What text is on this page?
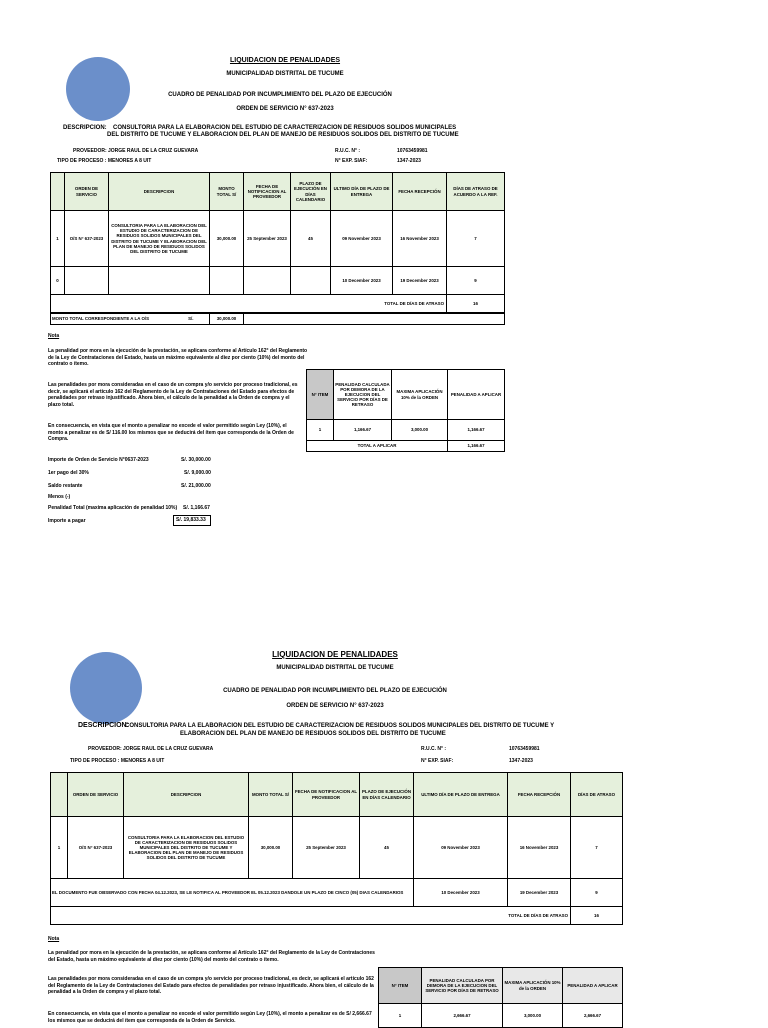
LIQUIDACION DE PENALIDADES
MUNICIPALIDAD DISTRITAL DE TUCUME
CUADRO DE PENALIDAD POR INCUMPLIMIENTO DEL PLAZO DE EJECUCIÓN
ORDEN DE SERVICIO N° 637-2023
DESCRIPCION: CONSULTORIA PARA LA ELABORACION DEL ESTUDIO DE CARACTERIZACION DE RESIDUOS SOLIDOS MUNICIPALES
DEL DISTRITO DE TUCUME Y ELABORACION DEL PLAN DE MANEJO DE RESIDUOS SOLIDOS DEL DISTRITO DE TUCUME
PROVEEDOR: JORGE RAUL DE LA CRUZ GUEVARA	R.U.C. N° :	10763459981
TIPO DE PROCESO : MENORES A 8 UIT	N° EXP. SIAF:	1347-2023
	ORDEN DE SERVICIO	DESCRIPCION	MONTO TOTAL S/	FECHA DE NOTIFICACION AL PROVEEDOR	PLAZO DE EJECUCIÓN EN DÍAS CALENDARIO	ULTIMO DÍA DE PLAZO DE ENTREGA	FECHA RECEPCIÓN	DÍAS DE ATRASO DE ACUERDO A LA REF.
1	O/S N° 637-2023	CONSULTORIA PARA LA ELABORACION DEL ESTUDIO DE CARACTERIZACION DE RESIDUOS SOLIDOS MUNICIPALES DEL DISTRITO DE TUCUME Y ELABORACION DEL PLAN DE MANEJO DE RESIDUOS SOLIDOS DEL DISTRITO DE TUCUME	30,000.00	25 September 2023	45	09 November 2023	16 November 2023	7
0						10 December 2023	19 December 2023	9
TOTAL DE DÍAS DE ATRASO								16
MONTO TOTAL CORRESPONDIENTE A LA O/S	S/.	30,000.00	
Nota
La penalidad por mora en la ejecución de la prestación, se aplicara conforme al Artículo 162° del Reglamento de la Ley de Contrataciones del Estado, hasta un máximo equivalente al diez por ciento (10%) del monto del contrato o ítemo.
Las penalidades por mora consideradas en el caso de un compra y/o servicio por proceso tradicional, es decir, se aplicará el artículo 162 del Reglamento de la Ley de Contrataciones del Estado para efectos de penalidades por retraso injustificado. Ahora bien, el cálculo de la penalidad a la Orden de compra y el plazo total.
En consecuencia, en vista que el monto a penalizar no excede el valor permitido según Ley (10%), el monto a penalizar es de S/ 116.00 los mismos que se deducirá del ítem que corresponda de la Orden de Compra.
N° ITEM	PENALIDAD CALCULADA POR DEMORA DE LA EJECUCION DEL SERVICIO POR DÍAS DE RETRASO	MAXIMA APLICACIÓN 10% de la ORDEN	PENALIDAD A APLICAR
1	1,166.67	3,000.00	1,166.67
TOTAL A APLICAR			1,166.67
Importe de Orden de Servicio N°0637-2023	S/. 30,000.00
1er pago del 30%	S/. 9,000.00
Saldo restante	S/. 21,000.00
Menos (-)
Penalidad Total (maxima aplicación de penalidad 10%) S/. 1,166.67
Importe a pagar	S/. 19,833.33
LIQUIDACION DE PENALIDADES
MUNICIPALIDAD DISTRITAL DE TUCUME
CUADRO DE PENALIDAD POR INCUMPLIMIENTO DEL PLAZO DE EJECUCIÓN
ORDEN DE SERVICIO N° 637-2023
DESCRIPCION:
CONSULTORIA PARA LA ELABORACION DEL ESTUDIO DE CARACTERIZACION DE RESIDUOS SOLIDOS MUNICIPALES DEL DISTRITO DE TUCUME Y
ELABORACION DEL PLAN DE MANEJO DE RESIDUOS SOLIDOS DEL DISTRITO DE TUCUME
PROVEEDOR: JORGE RAUL DE LA CRUZ GUEVARA	R.U.C. N° :	10763459981
TIPO DE PROCESO : MENORES A 8 UIT	N° EXP. SIAF:	1347-2023
	ORDEN DE SERVICIO	DESCRIPCION	MONTO TOTAL S/	FECHA DE NOTIFICACION AL PROVEEDOR	PLAZO DE EJECUCIÓN EN DÍAS CALENDARIO	ULTIMO DÍA DE PLAZO DE ENTREGA	FECHA RECEPCIÓN	DÍAS DE ATRASO
1	O/S N° 637-2023	CONSULTORIA PARA LA ELABORACION DEL ESTUDIO DE CARACTERIZACION DE RESIDUOS SOLIDOS MUNICIPALES DEL DISTRITO DE TUCUME Y ELABORACION DEL PLAN DE MANEJO DE RESIDUOS SOLIDOS DEL DISTRITO DE TUCUME	30,000.00	25 September 2023	45	09 November 2023	16 November 2023	7
EL DOCUMENTO FUE OBSERVADO CON FECHA 04.12.2023, SE LE NOTIFICA AL PROVEEDOR EL 05.12.2023 DANDOLE UN PLAZO DE CINCO (05) DIAS CALENDARIOS						10 December 2023	19 December 2023	9
TOTAL DE DÍAS DE ATRASO								16
Nota
La penalidad por mora en la ejecución de la prestación, se aplicara conforme al Artículo 162° del Reglamento de la Ley de Contrataciones del Estado, hasta un máximo equivalente al diez por ciento (10%) del monto del contrato o ítemo.
Las penalidades por mora consideradas en el caso de un compra y/o servicio por proceso tradicional, es decir, se aplicará el artículo 162 del Reglamento de la Ley de Contrataciones del Estado para efectos de penalidades por retraso injustificado. Ahora bien, el cálculo de la penalidad a la Orden de compra y el plazo total.
En consecuencia, en vista que el monto a penalizar no excede el valor permitido según Ley (10%), el monto a penalizar es de S/ 2,666.67 los mismos que se deducirá del ítem que corresponda de la Orden de Servicio.
N° ITEM	PENALIDAD CALCULADA POR DEMORA DE LA EJECUCION DEL SERVICIO POR DÍAS DE RETRASO	MAXIMA APLICACIÓN 10% de la ORDEN	PENALIDAD A APLICAR
1	2,666.67	3,000.00	2,666.67
